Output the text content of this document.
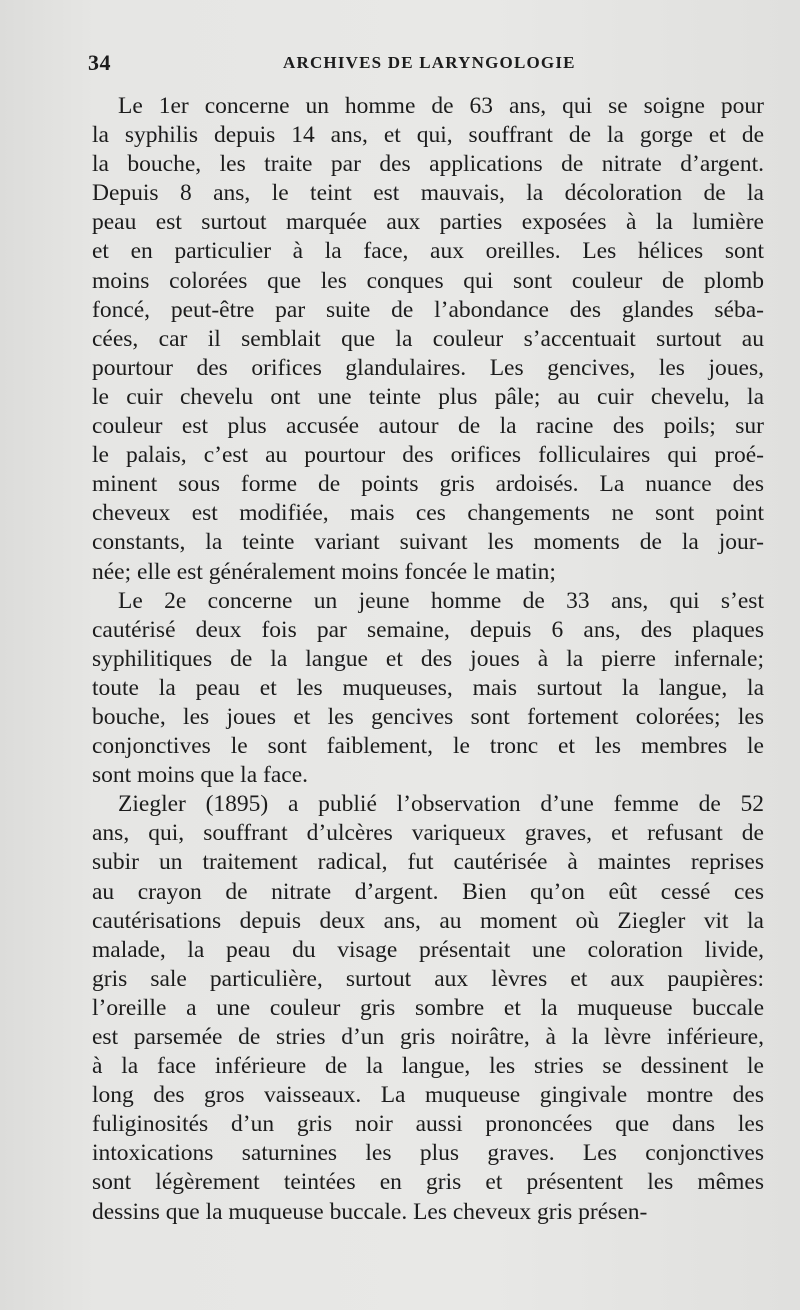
34	ARCHIVES DE LARYNGOLOGIE
Le 1er concerne un homme de 63 ans, qui se soigne pour
la syphilis depuis 14 ans, et qui, souffrant de la gorge et de
la bouche, les traite par des applications de nitrate d’argent.
Depuis 8 ans, le teint est mauvais, la décoloration de la
peau est surtout marquée aux parties exposées à la lumière
et en particulier à la face, aux oreilles. Les hélices sont
moins colorées que les conques qui sont couleur de plomb
foncé, peut-être par suite de l’abondance des glandes séba-
cées, car il semblait que la couleur s’accentuait surtout au
pourtour des orifices glandulaires. Les gencives, les joues,
le cuir chevelu ont une teinte plus pâle; au cuir chevelu, la
couleur est plus accusée autour de la racine des poils; sur
le palais, c’est au pourtour des orifices folliculaires qui proé-
minent sous forme de points gris ardoisés. La nuance des
cheveux est modifiée, mais ces changements ne sont point
constants, la teinte variant suivant les moments de la jour-
née; elle est généralement moins foncée le matin;
Le 2e concerne un jeune homme de 33 ans, qui s’est
cautérisé deux fois par semaine, depuis 6 ans, des plaques
syphilitiques de la langue et des joues à la pierre infernale;
toute la peau et les muqueuses, mais surtout la langue, la
bouche, les joues et les gencives sont fortement colorées; les
conjonctives le sont faiblement, le tronc et les membres le
sont moins que la face.
Ziegler (1895) a publié l’observation d’une femme de 52
ans, qui, souffrant d’ulcères variqueux graves, et refusant de
subir un traitement radical, fut cautérisée à maintes reprises
au crayon de nitrate d’argent. Bien qu’on eût cessé ces
cautérisations depuis deux ans, au moment où Ziegler vit la
malade, la peau du visage présentait une coloration livide,
gris sale particulière, surtout aux lèvres et aux paupières:
l’oreille a une couleur gris sombre et la muqueuse buccale
est parsemée de stries d’un gris noirâtre, à la lèvre inférieure,
à la face inférieure de la langue, les stries se dessinent le
long des gros vaisseaux. La muqueuse gingivale montre des
fuliginosités d’un gris noir aussi prononcées que dans les
intoxications saturnines les plus graves. Les conjonctives
sont légèrement teintées en gris et présentent les mêmes
dessins que la muqueuse buccale. Les cheveux gris présen-
